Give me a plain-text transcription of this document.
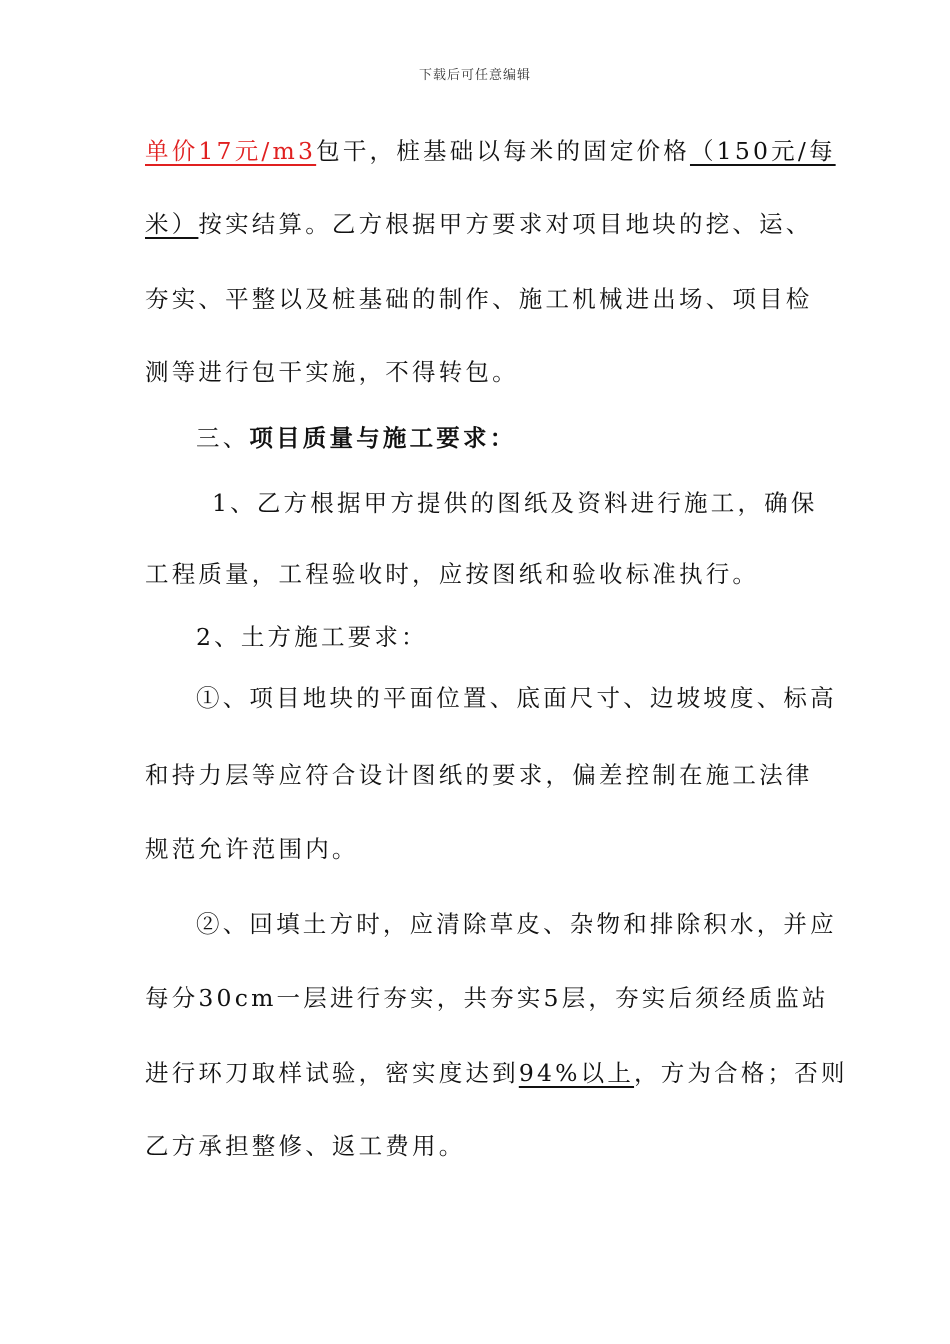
下载后可任意编辑
单价17元/m3包干，桩基础以每米的固定价格（150元/每
米）按实结算。乙方根据甲方要求对项目地块的挖、运、
夯实、平整以及桩基础的制作、施工机械进出场、项目检
测等进行包干实施，不得转包。
三、项目质量与施工要求：
1、乙方根据甲方提供的图纸及资料进行施工，确保
工程质量，工程验收时，应按图纸和验收标准执行。
2、土方施工要求：
①、项目地块的平面位置、底面尺寸、边坡坡度、标高
和持力层等应符合设计图纸的要求，偏差控制在施工法律
规范允许范围内。
②、回填土方时，应清除草皮、杂物和排除积水，并应
每分30cm一层进行夯实，共夯实5层，夯实后须经质监站
进行环刀取样试验，密实度达到94%以上，方为合格；否则
乙方承担整修、返工费用。
